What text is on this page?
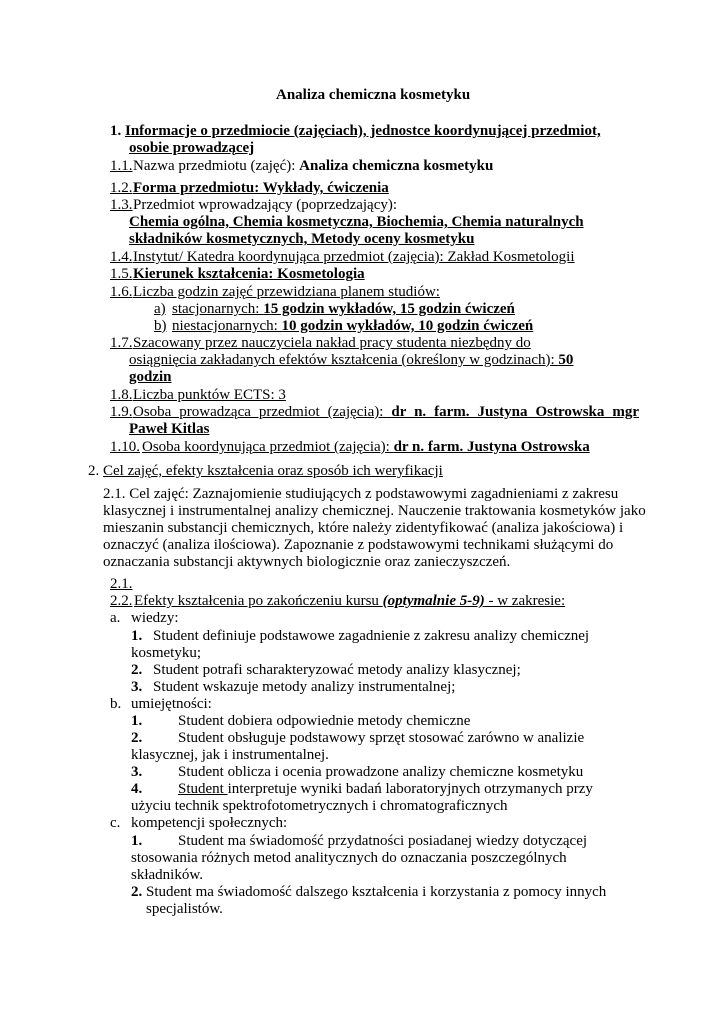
Analiza chemiczna kosmetyku
1. Informacje o przedmiocie (zajęciach), jednostce koordynującej przedmiot,
osobie prowadzącej
1.1. Nazwa przedmiotu (zajęć): Analiza chemiczna kosmetyku
1.2. Forma przedmiotu: Wykłady, ćwiczenia
1.3. Przedmiot wprowadzający (poprzedzający):
Chemia ogólna, Chemia kosmetyczna, Biochemia, Chemia naturalnych
składników kosmetycznych, Metody oceny kosmetyku
1.4. Instytut/ Katedra koordynująca przedmiot (zajęcia): Zakład Kosmetologii
1.5. Kierunek kształcenia: Kosmetologia
1.6. Liczba godzin zajęć przewidziana planem studiów:
a) stacjonarnych: 15 godzin wykładów, 15 godzin ćwiczeń
b) niestacjonarnych: 10 godzin wykładów, 10 godzin ćwiczeń
1.7. Szacowany przez nauczyciela nakład pracy studenta niezbędny do
osiągnięcia zakładanych efektów kształcenia (określony w godzinach): 50
godzin
1.8. Liczba punktów ECTS: 3
1.9. Osoba prowadząca przedmiot (zajęcia): dr n. farm. Justyna Ostrowska mgr
Paweł Kitlas
1.10. Osoba koordynująca przedmiot (zajęcia): dr n. farm. Justyna Ostrowska
2. Cel zajęć, efekty kształcenia oraz sposób ich weryfikacji
2.1. Cel zajęć: Zaznajomienie studiujących z podstawowymi zagadnieniami z zakresu
klasycznej i instrumentalnej analizy chemicznej. Nauczenie traktowania kosmetyków jako
mieszanin substancji chemicznych, które należy zidentyfikować (analiza jakościowa) i
oznaczyć (analiza ilościowa). Zapoznanie z podstawowymi technikami służącymi do
oznaczania substancji aktywnych biologicznie oraz zanieczyszczeń.
2.1.
2.2. Efekty kształcenia po zakończeniu kursu (optymalnie 5-9) - w zakresie:
a. wiedzy:
1. Student definiuje podstawowe zagadnienie z zakresu analizy chemicznej
kosmetyku;
2. Student potrafi scharakteryzować metody analizy klasycznej;
3. Student wskazuje metody analizy instrumentalnej;
b. umiejętności:
1. Student dobiera odpowiednie metody chemiczne
2. Student obsługuje podstawowy sprzęt stosować zarówno w analizie
klasycznej, jak i instrumentalnej.
3. Student oblicza i ocenia prowadzone analizy chemiczne kosmetyku
4. Student interpretuje wyniki badań laboratoryjnych otrzymanych przy
użyciu technik spektrofotometrycznych i chromatograficznych
c. kompetencji społecznych:
1. Student ma świadomość przydatności posiadanej wiedzy dotyczącej
stosowania różnych metod analitycznych do oznaczania poszczególnych
składników.
2. Student ma świadomość dalszego kształcenia i korzystania z pomocy innych
specjalistów.
